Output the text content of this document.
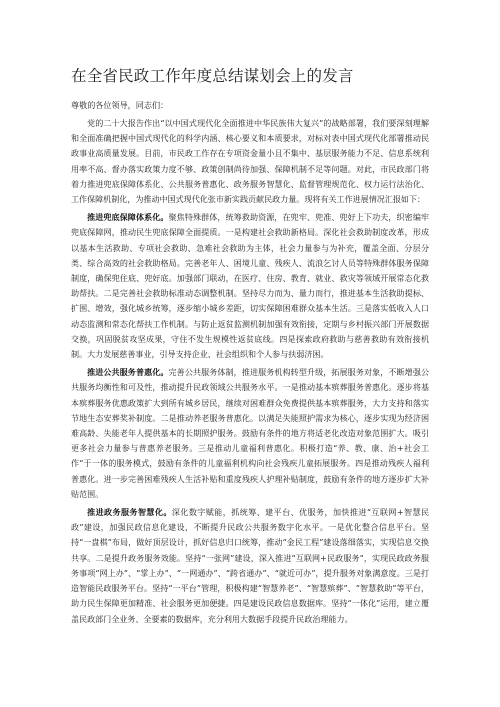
在全省民政工作年度总结谋划会上的发言

尊敬的各位领导，同志们：

党的二十大报告作出“以中国式现代化全面推进中华民族伟大复兴”的战略部署，我们要深刻理解和全面准确把握中国式现代化的科学内涵、核心要义和本质要求，对标对表中国式现代化部署推动民政事业高质量发展。目前，市民政工作存在专项资金量小且不集中、基层服务能力不足、信息系统利用率不高、督办落实政策力度不够、政策创制尚待加强、保障机制不足等问题。对此，市民政部门将着力推进兜底保障体系化、公共服务普惠化、政务服务智慧化、监督管理规范化、权力运行法治化、工作保障机制化，为推动中国式现代化张市新实践贡献民政力量。现将有关工作进展情况汇报如下：

推进兜底保障体系化。聚焦特殊群体，统筹救助资源，在兜牢、兜准、兜好上下功夫，织密编牢兜底保障网，推动民生兜底保障全面提质。一是构建社会救助新格局。深化社会救助制度改革，形成以基本生活救助、专项社会救助、急难社会救助为主体，社会力量参与为补充，覆盖全面、分层分类、综合高效的社会救助格局。完善老年人、困境儿童、残疾人、流浪乞讨人员等特殊群体服务保障制度，确保兜住底、兜好底。加强部门联动，在医疗、住房、教育、就业、救灾等领域开展常态化救助帮扶。二是完善社会救助标准动态调整机制。坚持尽力而为、量力而行，推进基本生活救助提标、扩围、增效，强化城乡统筹，逐步缩小城乡差距，切实保障困难群众基本生活。三是落实低收入人口动态监测和常态化帮扶工作机制。与防止返贫监测机制加强有效衔接，定期与乡村振兴部门开展数据交换，巩固脱贫攻坚成果，守住不发生规模性返贫底线。四是探索政府救助与慈善救助有效衔接机制。大力发展慈善事业，引导支持企业、社会组织和个人参与扶弱济困。

推进公共服务普惠化。完善公共服务体制，推进服务机构转型升级，拓展服务对象，不断增强公共服务均衡性和可及性，推动提升民政领域公共服务水平。一是推动基本殡葬服务普惠化。逐步将基本殡葬服务优惠政策扩大到所有城乡居民，继续对困难群众免费提供基本殡葬服务，大力支持和落实节地生态安葬奖补制度。二是推动养老服务普惠化。以满足失能照护需求为核心，逐步实现为经济困难高龄、失能老年人提供基本的长期照护服务。鼓励有条件的地方将适老化改造对象范围扩大。吸引更多社会力量参与普惠养老服务。三是推动儿童福利普惠化。积极打造“养、教、康、治+社会工作”于一体的服务模式，鼓励有条件的儿童福利机构向社会残疾儿童拓展服务。四是推动残疾人福利普惠化。进一步完善困难残疾人生活补贴和重度残疾人护理补贴制度，鼓励有条件的地方逐步扩大补贴范围。

推进政务服务智慧化。深化数字赋能，抓统筹、建平台、优服务，加快推进“互联网+智慧民政”建设，加强民政信息化建设，不断提升民政公共服务数字化水平。一是优化整合信息平台。坚持“一盘棋”布局，做好顶层设计，抓好信息归口统筹，推动“金民工程”建设落细落实，实现信息交换共享。二是提升政务服务效能。坚持“一张网”建设，深入推进“互联网+民政服务”，实现民政政务服务事项“网上办”、“掌上办”、“一网通办”、“跨省通办”、“就近可办”，提升服务对象满意度。三是打造智能民政服务平台。坚持“一平台”管理，积极构建“智慧养老”、“智慧殡葬”、“智慧救助”等平台，助力民生保障更加精准、社会服务更加便捷。四是建设民政信息数据库。坚持“一体化”运用，建立覆盖民政部门全业务、全要素的数据库，充分利用大数据手段提升民政治理能力。
